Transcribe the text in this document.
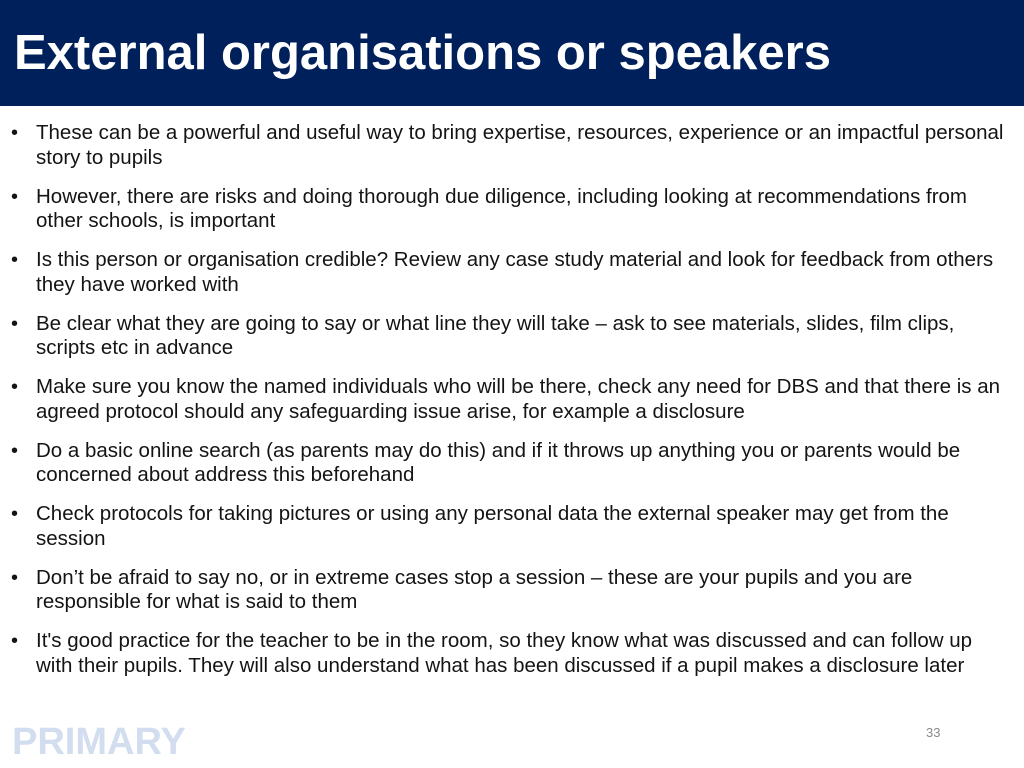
External organisations or speakers
• These can be a powerful and useful way to bring expertise, resources, experience or an impactful personal story to pupils
• However, there are risks and doing thorough due diligence, including looking at recommendations from other schools, is important
• Is this person or organisation credible? Review any case study material and look for feedback from others they have worked with
• Be clear what they are going to say or what line they will take – ask to see materials, slides, film clips, scripts etc in advance
• Make sure you know the named individuals who will be there, check any need for DBS and that there is an agreed protocol should any safeguarding issue arise, for example a disclosure
• Do a basic online search (as parents may do this) and if it throws up anything you or parents would be concerned about address this beforehand
• Check protocols for taking pictures or using any personal data the external speaker may get from the session
• Don’t be afraid to say no, or in extreme cases stop a session – these are your pupils and you are responsible for what is said to them
• It's good practice for the teacher to be in the room, so they know what was discussed and can follow up with their pupils. They will also understand what has been discussed if a pupil makes a disclosure later
PRIMARY	33
